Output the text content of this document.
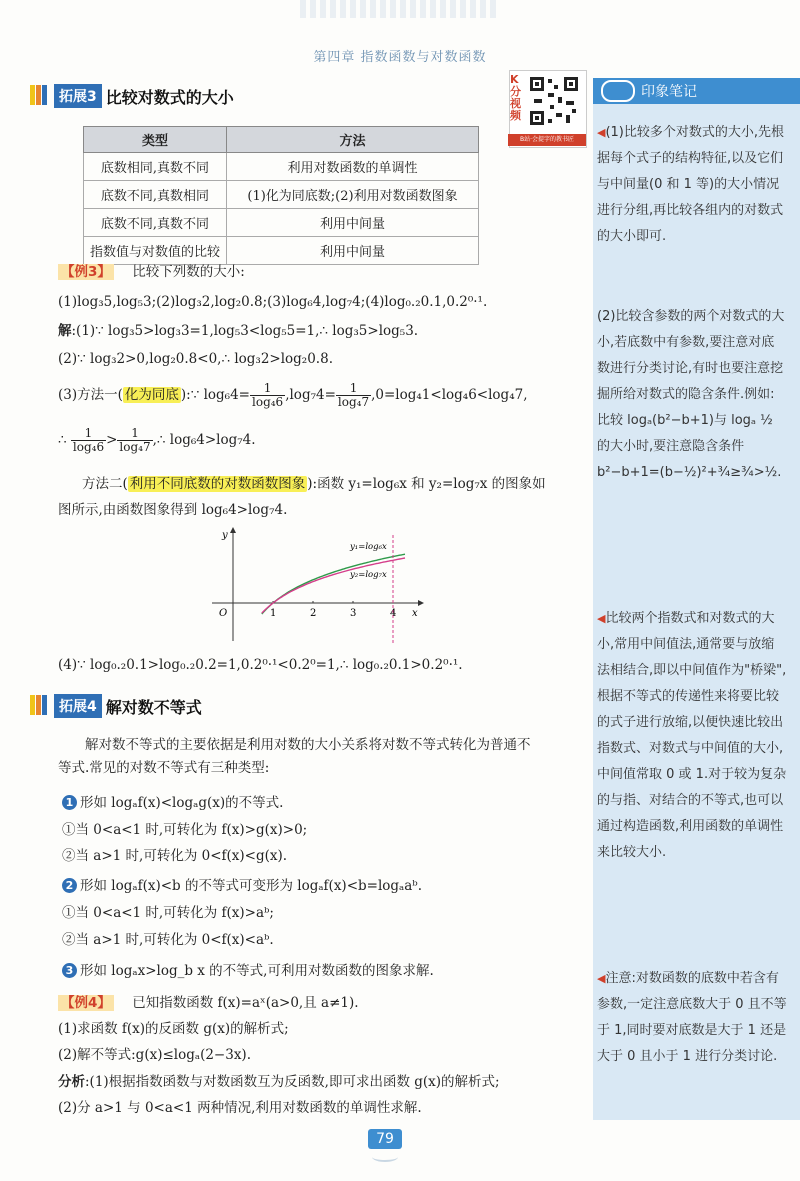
第四章 指数函数与对数函数
拓展3 比较对数式的大小
K分视频
B站·会提字的教书匠
类型	方法
底数相同,真数不同	利用对数函数的单调性
底数不同,真数相同	(1)化为同底数;(2)利用对数函数图象
底数不同,真数不同	利用中间量
指数值与对数值的比较	利用中间量
【例3】 比较下列数的大小:
(1)log₃5,log₅3;(2)log₃2,log₂0.8;(3)log₆4,log₇4;(4)log₀.₂0.1,0.2⁰·¹.
解:(1)∵ log₃5>log₃3=1,log₅3<log₅5=1,∴ log₃5>log₅3.
(2)∵ log₃2>0,log₂0.8<0,∴ log₃2>log₂0.8.
(3)方法一( 化为同底 ):∵ $\log_64= \frac{1}{\text{log₄6}} ,\log_74= \frac{1}{\text{log₄7}} ,0=\log_41<\log_46<\log_47$,
∴ $\frac{1}{\text{log₄6}} > \frac{1}{\text{log₄7}}$ ,∴ log₆4>log₇4.
方法二( 利用不同底数的对数函数图象 ):函数 y₁=log₆x 和 y₂=log₇x 的图象如
图所示,由函数图象得到 log₆4>log₇4.
x
y
O	1	2	3	4
y₁=log₆x
y₂=log₇x
(4)∵ log₀.₂0.1>log₀.₂0.2=1,0.2⁰·¹<0.2⁰=1,∴ log₀.₂0.1>0.2⁰·¹.
拓展4 解对数不等式
解对数不等式的主要依据是利用对数的大小关系将对数不等式转化为普通不
等式.常见的对数不等式有三种类型:
1 形如 logₐf(x)<logₐg(x)的不等式.
①当 0<a<1 时,可转化为 f(x)>g(x)>0;
②当 a>1 时,可转化为 0<f(x)<g(x).
2 形如 logₐf(x)<b 的不等式可变形为 logₐf(x)<b=logₐaᵇ.
①当 0<a<1 时,可转化为 f(x)>aᵇ;
②当 a>1 时,可转化为 0<f(x)<aᵇ.
3 形如 logₐx>log_b x 的不等式,可利用对数函数的图象求解.
【例4】 已知指数函数 f(x)=aˣ(a>0,且 a≠1).
(1)求函数 f(x)的反函数 g(x)的解析式;
(2)解不等式:g(x)≤logₐ(2−3x).
分析:(1)根据指数函数与对数函数互为反函数,即可求出函数 g(x)的解析式;
(2)分 a>1 与 0<a<1 两种情况,利用对数函数的单调性求解.
印象笔记
◀(1)比较多个对数式的大小,先根据每个式子的结构特征,以及它们与中间量(0 和 1 等)的大小情况进行分组,再比较各组内的对数式的大小即可.
(2)比较含参数的两个对数式的大小,若底数中有参数,要注意对底数进行分类讨论,有时也要注意挖掘所给对数式的隐含条件.例如:比较 logₐ(b²−b+1)与 logₐ ½ 的大小时,要注意隐含条件 b²−b+1=(b−½)²+¾≥¾>½.
◀比较两个指数式和对数式的大小,常用中间值法,通常要与放缩法相结合,即以中间值作为"桥梁",根据不等式的传递性来将要比较的式子进行放缩,以便快速比较出指数式、对数式与中间值的大小,中间值常取 0 或 1.对于较为复杂的与指、对结合的不等式,也可以通过构造函数,利用函数的单调性来比较大小.
◀注意:对数函数的底数中若含有参数,一定注意底数大于 0 且不等于 1,同时要对底数是大于 1 还是大于 0 且小于 1 进行分类讨论.
79
